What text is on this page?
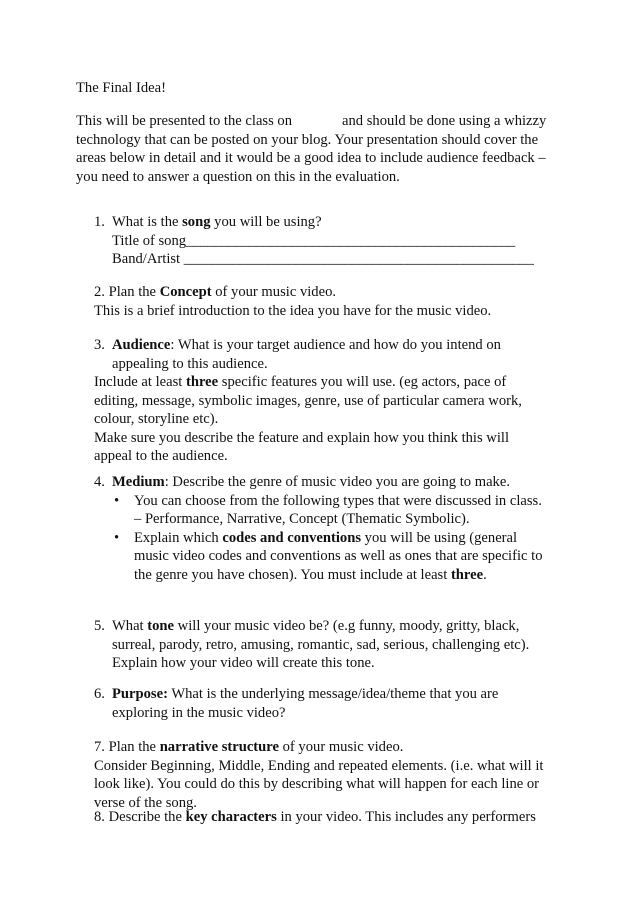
The Final Idea!
This will be presented to the class on	and should be done using a whizzy
technology that can be posted on your blog. Your presentation should cover the
areas below in detail and it would be a good idea to include audience feedback –
you need to answer a question on this in the evaluation.
1. What is the song you will be using?
Title of song_______________________________________________
Band/Artist __________________________________________________
2. Plan the Concept of your music video.
This is a brief introduction to the idea you have for the music video.
3. Audience: What is your target audience and how do you intend on
appealing to this audience.
Include at least three specific features you will use. (eg actors, pace of
editing, message, symbolic images, genre, use of particular camera work,
colour, storyline etc).
Make sure you describe the feature and explain how you think this will
appeal to the audience.
4. Medium: Describe the genre of music video you are going to make.
•	You can choose from the following types that were discussed in class.
– Performance, Narrative, Concept (Thematic Symbolic).
•	Explain which codes and conventions you will be using (general
music video codes and conventions as well as ones that are specific to
the genre you have chosen). You must include at least three.
5. What tone will your music video be? (e.g funny, moody, gritty, black,
surreal, parody, retro, amusing, romantic, sad, serious, challenging etc).
Explain how your video will create this tone.
6. Purpose: What is the underlying message/idea/theme that you are
exploring in the music video?
7. Plan the narrative structure of your music video.
Consider Beginning, Middle, Ending and repeated elements. (i.e. what will it
look like). You could do this by describing what will happen for each line or
verse of the song.
8. Describe the key characters in your video. This includes any performers
